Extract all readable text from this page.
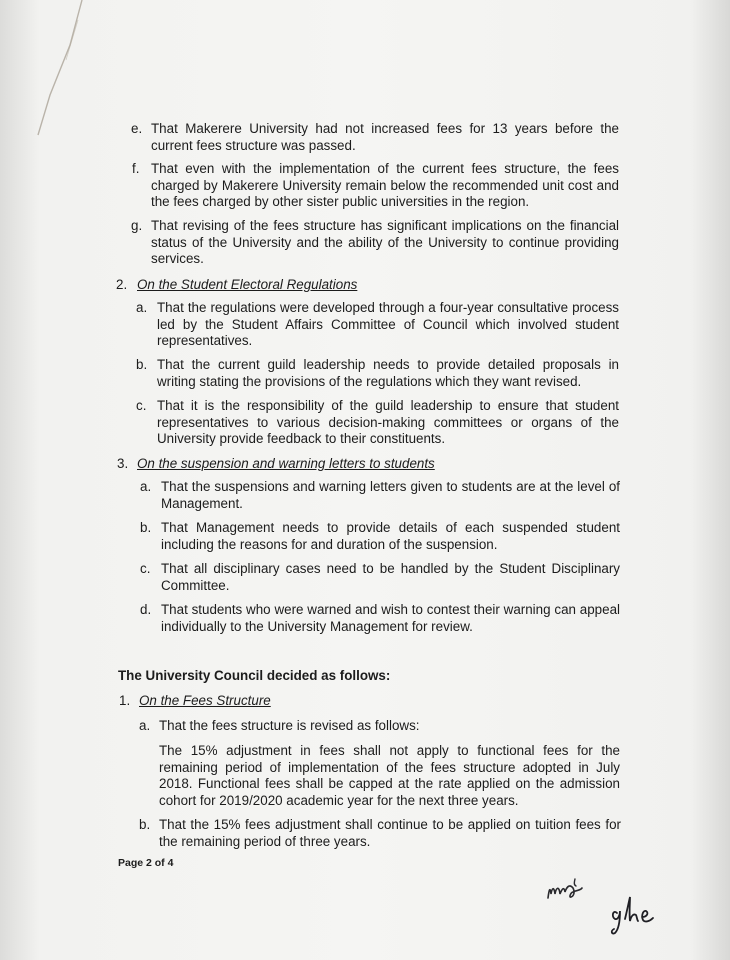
e. That Makerere University had not increased fees for 13 years before the current fees structure was passed.
f. That even with the implementation of the current fees structure, the fees charged by Makerere University remain below the recommended unit cost and the fees charged by other sister public universities in the region.
g. That revising of the fees structure has significant implications on the financial status of the University and the ability of the University to continue providing services.
2. On the Student Electoral Regulations
a. That the regulations were developed through a four-year consultative process led by the Student Affairs Committee of Council which involved student representatives.
b. That the current guild leadership needs to provide detailed proposals in writing stating the provisions of the regulations which they want revised.
c. That it is the responsibility of the guild leadership to ensure that student representatives to various decision-making committees or organs of the University provide feedback to their constituents.
3. On the suspension and warning letters to students
a. That the suspensions and warning letters given to students are at the level of Management.
b. That Management needs to provide details of each suspended student including the reasons for and duration of the suspension.
c. That all disciplinary cases need to be handled by the Student Disciplinary Committee.
d. That students who were warned and wish to contest their warning can appeal individually to the University Management for review.
The University Council decided as follows:
1. On the Fees Structure
a. That the fees structure is revised as follows:
The 15% adjustment in fees shall not apply to functional fees for the remaining period of implementation of the fees structure adopted in July 2018. Functional fees shall be capped at the rate applied on the admission cohort for 2019/2020 academic year for the next three years.
b. That the 15% fees adjustment shall continue to be applied on tuition fees for the remaining period of three years.
Page 2 of 4
